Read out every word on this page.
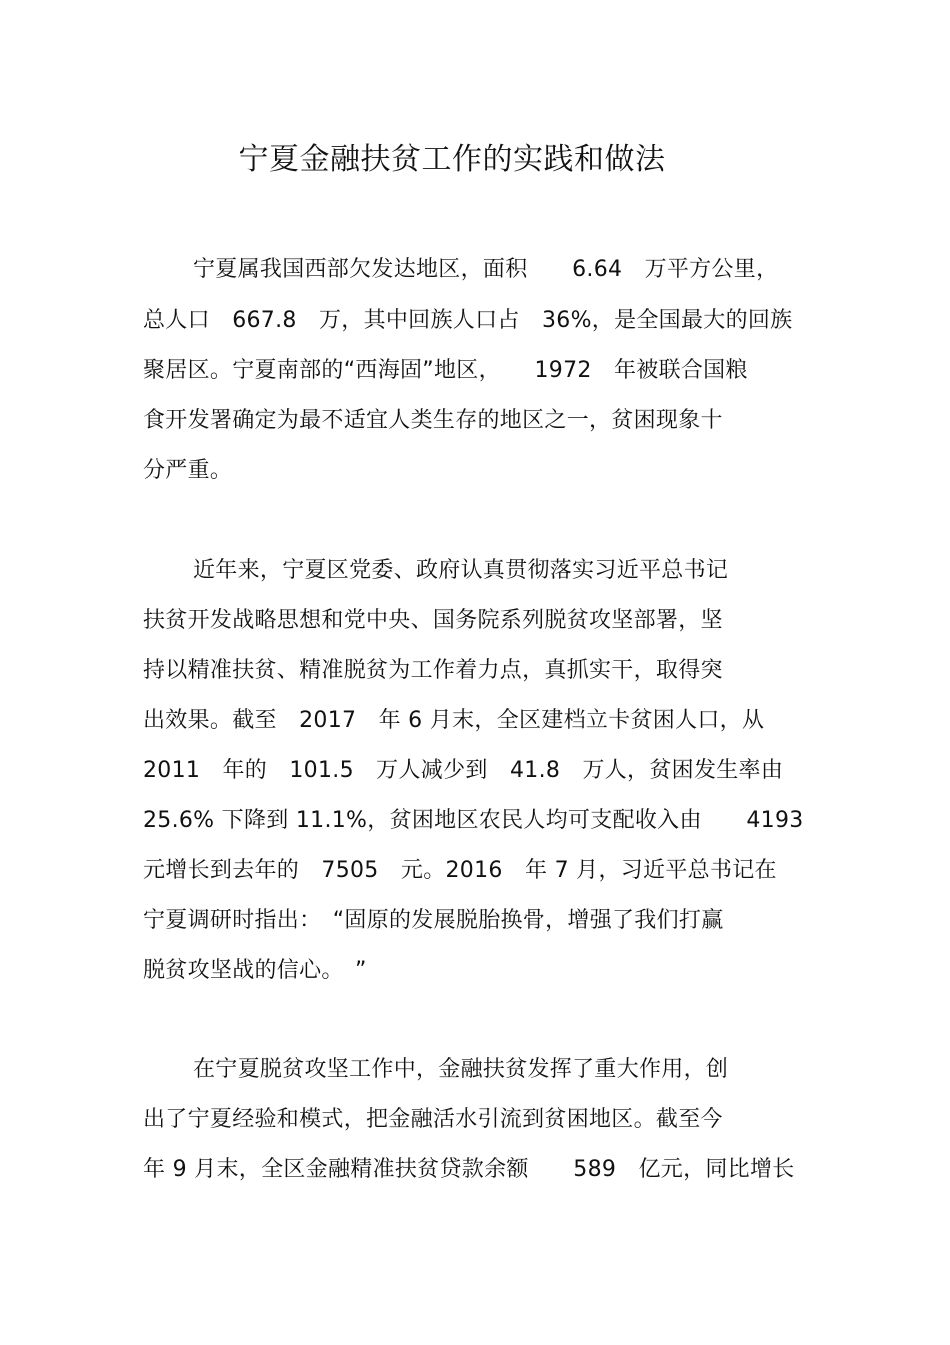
宁夏金融扶贫工作的实践和做法
宁夏属我国西部欠发达地区，面积　　6.64　万平方公里，
总人口　667.8　万，其中回族人口占　36%，是全国最大的回族
聚居区。宁夏南部的“西海固”地区，　　1972　年被联合国粮
食开发署确定为最不适宜人类生存的地区之一，贫困现象十
分严重。
近年来，宁夏区党委、政府认真贯彻落实习近平总书记
扶贫开发战略思想和党中央、国务院系列脱贫攻坚部署，坚
持以精准扶贫、精准脱贫为工作着力点，真抓实干，取得突
出效果。截至　2017　年 6 月末，全区建档立卡贫困人口，从
2011　年的　101.5　万人减少到　41.8　万人，贫困发生率由
25.6% 下降到 11.1%，贫困地区农民人均可支配收入由　　4193
元增长到去年的　7505　元。2016　年 7 月，习近平总书记在
宁夏调研时指出：　“固原的发展脱胎换骨，增强了我们打赢
脱贫攻坚战的信心。　”
在宁夏脱贫攻坚工作中，金融扶贫发挥了重大作用，创
出了宁夏经验和模式，把金融活水引流到贫困地区。截至今
年 9 月末，全区金融精准扶贫贷款余额　　589　亿元，同比增长
